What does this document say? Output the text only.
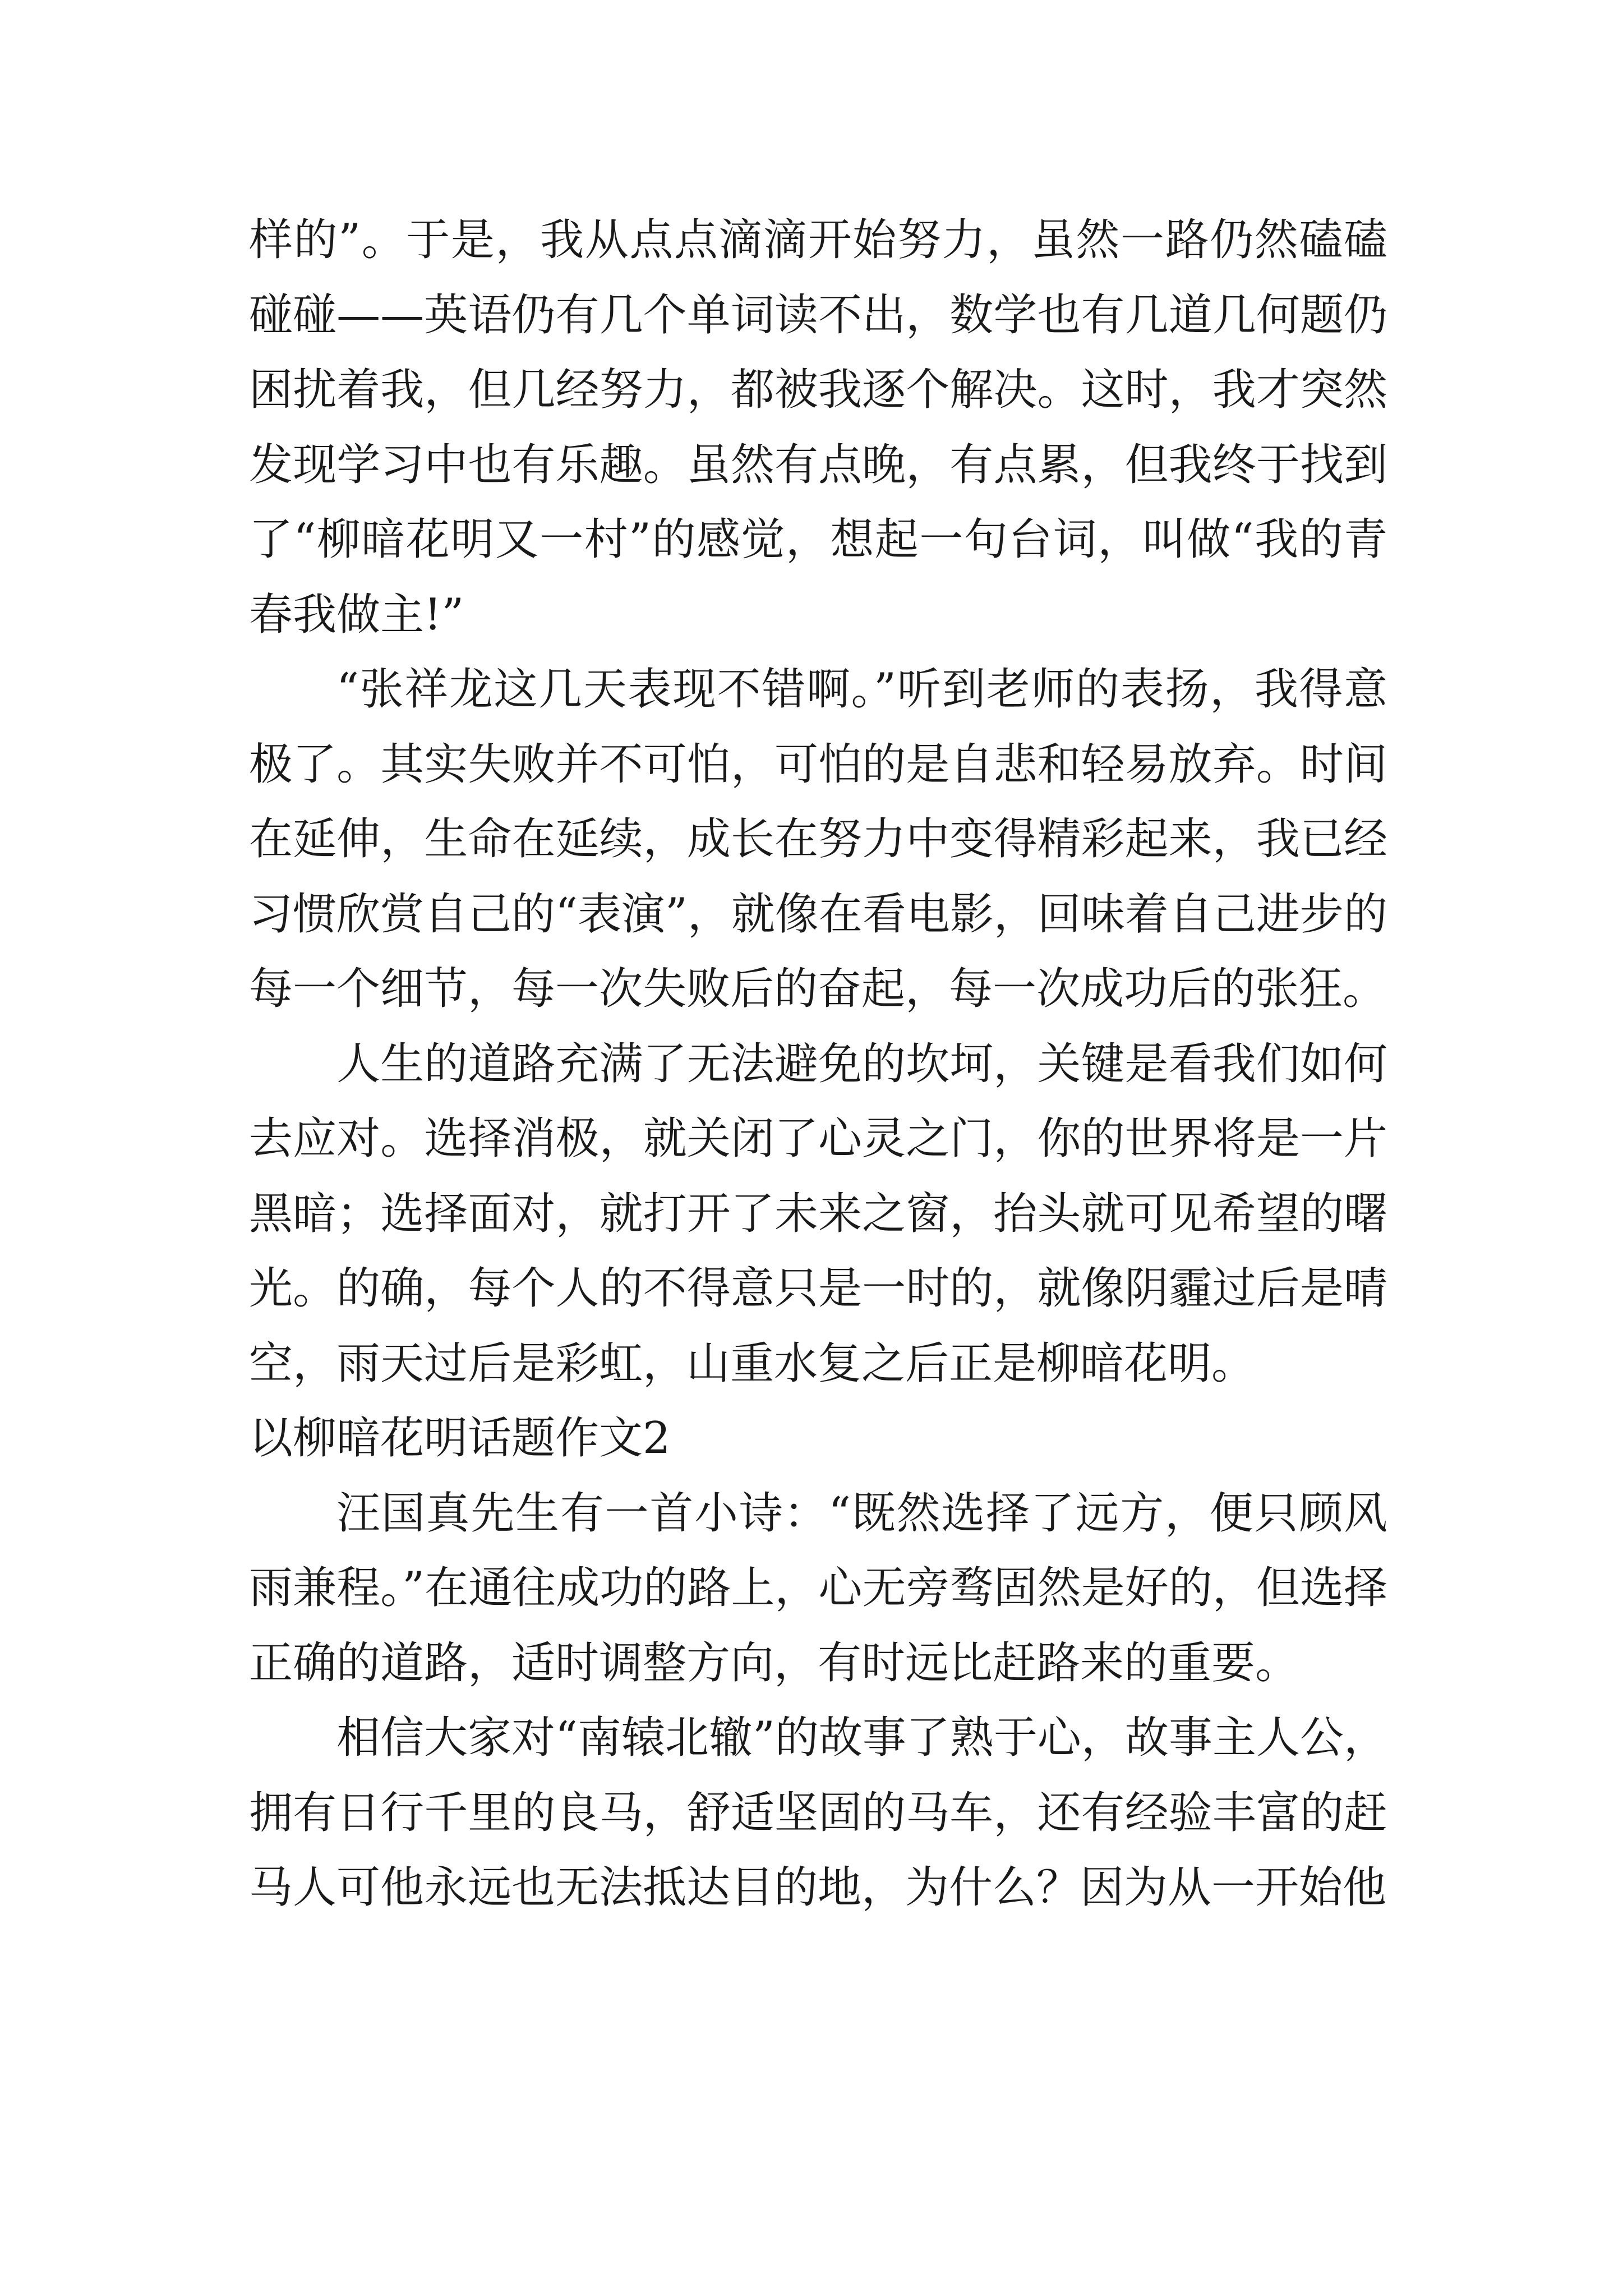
样的”。于是，我从点点滴滴开始努力，虽然一路仍然磕磕碰碰——英语仍有几个单词读不出，数学也有几道几何题仍困扰着我，但几经努力，都被我逐个解决。这时，我才突然发现学习中也有乐趣。虽然有点晚，有点累，但我终于找到了“柳暗花明又一村”的感觉，想起一句台词，叫做“我的青春我做主!”

“张祥龙这几天表现不错啊。”听到老师的表扬，我得意极了。其实失败并不可怕，可怕的是自悲和轻易放弃。时间在延伸，生命在延续，成长在努力中变得精彩起来，我已经习惯欣赏自己的“表演”，就像在看电影，回味着自己进步的每一个细节，每一次失败后的奋起，每一次成功后的张狂。

人生的道路充满了无法避免的坎坷，关键是看我们如何去应对。选择消极，就关闭了心灵之门，你的世界将是一片黑暗；选择面对，就打开了未来之窗，抬头就可见希望的曙光。的确，每个人的不得意只是一时的，就像阴霾过后是晴空，雨天过后是彩虹，山重水复之后正是柳暗花明。

以柳暗花明话题作文2

汪国真先生有一首小诗：“既然选择了远方，便只顾风雨兼程。”在通往成功的路上，心无旁骛固然是好的，但选择正确的道路，适时调整方向，有时远比赶路来的重要。

相信大家对“南辕北辙”的故事了熟于心，故事主人公，拥有日行千里的良马，舒适坚固的马车，还有经验丰富的赶马人可他永远也无法抵达目的地，为什么？因为从一开始他
